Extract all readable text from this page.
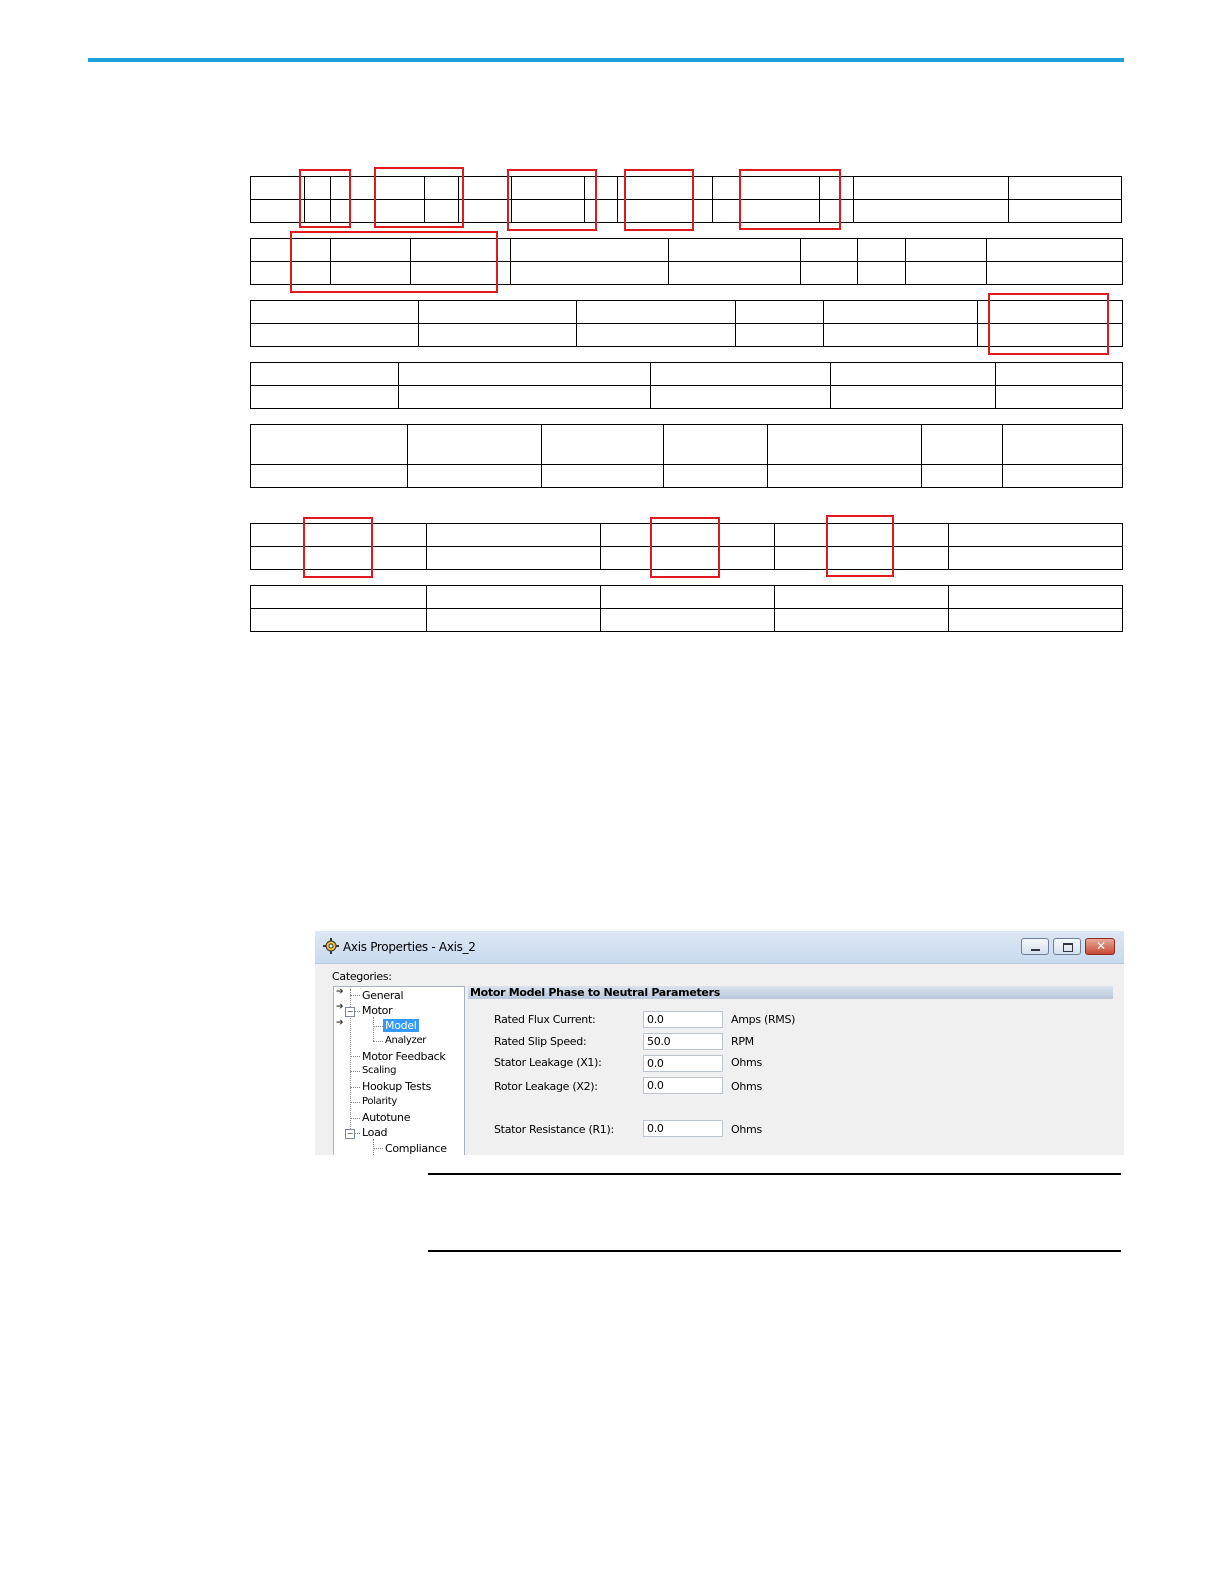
Axis Properties - Axis_2	✕
Categories:
➔
➔
➔
General
− Motor
Model
Analyzer
Motor Feedback
Scaling
Hookup Tests
Polarity
Autotune
− Load
Compliance
Motor Model Phase to Neutral Parameters
Rated Flux Current:	0.0	Amps (RMS)
Rated Slip Speed:	50.0	RPM
Stator Leakage (X1):	0.0	Ohms
Rotor Leakage (X2):	0.0	Ohms
Stator Resistance (R1):	0.0	Ohms
